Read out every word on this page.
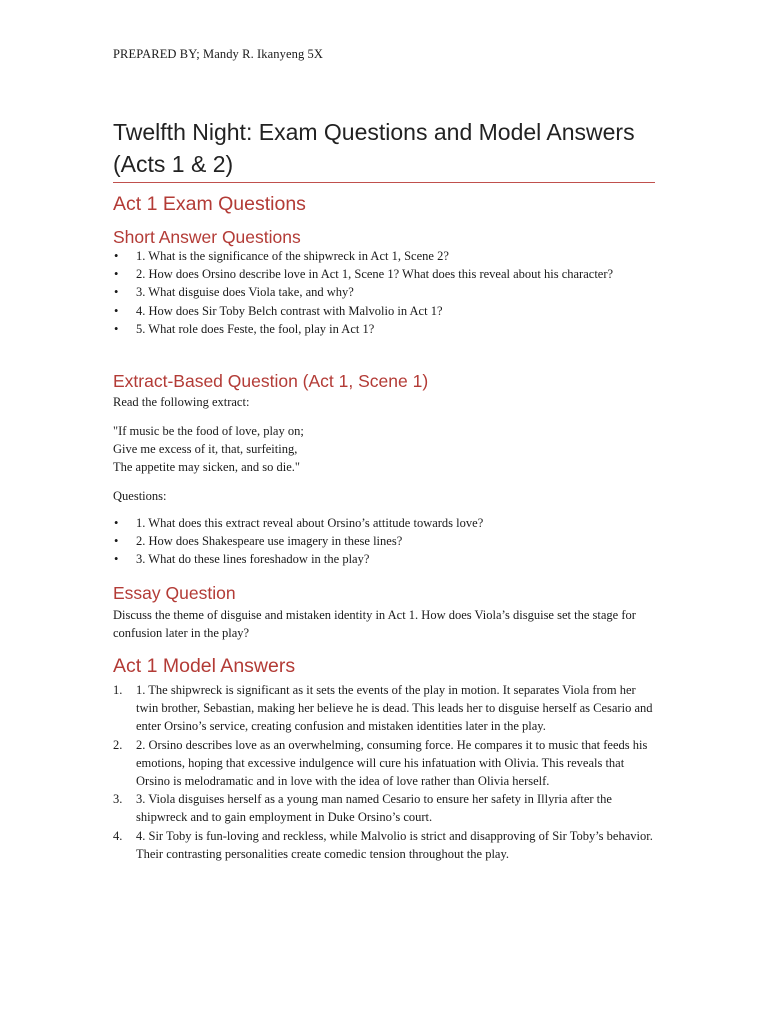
PREPARED BY; Mandy R. Ikanyeng 5X
Twelfth Night: Exam Questions and Model Answers (Acts 1 & 2)
Act 1 Exam Questions
Short Answer Questions
• 1. What is the significance of the shipwreck in Act 1, Scene 2?
• 2. How does Orsino describe love in Act 1, Scene 1? What does this reveal about his character?
• 3. What disguise does Viola take, and why?
• 4. How does Sir Toby Belch contrast with Malvolio in Act 1?
• 5. What role does Feste, the fool, play in Act 1?
Extract-Based Question (Act 1, Scene 1)
Read the following extract:
"If music be the food of love, play on;
Give me excess of it, that, surfeiting,
The appetite may sicken, and so die."
Questions:
• 1. What does this extract reveal about Orsino’s attitude towards love?
• 2. How does Shakespeare use imagery in these lines?
• 3. What do these lines foreshadow in the play?
Essay Question
Discuss the theme of disguise and mistaken identity in Act 1. How does Viola’s disguise set the stage for confusion later in the play?
Act 1 Model Answers
1. 1. The shipwreck is significant as it sets the events of the play in motion. It separates Viola from her twin brother, Sebastian, making her believe he is dead. This leads her to disguise herself as Cesario and enter Orsino’s service, creating confusion and mistaken identities later in the play.
2. 2. Orsino describes love as an overwhelming, consuming force. He compares it to music that feeds his emotions, hoping that excessive indulgence will cure his infatuation with Olivia. This reveals that Orsino is melodramatic and in love with the idea of love rather than Olivia herself.
3. 3. Viola disguises herself as a young man named Cesario to ensure her safety in Illyria after the shipwreck and to gain employment in Duke Orsino’s court.
4. 4. Sir Toby is fun-loving and reckless, while Malvolio is strict and disapproving of Sir Toby’s behavior. Their contrasting personalities create comedic tension throughout the play.
